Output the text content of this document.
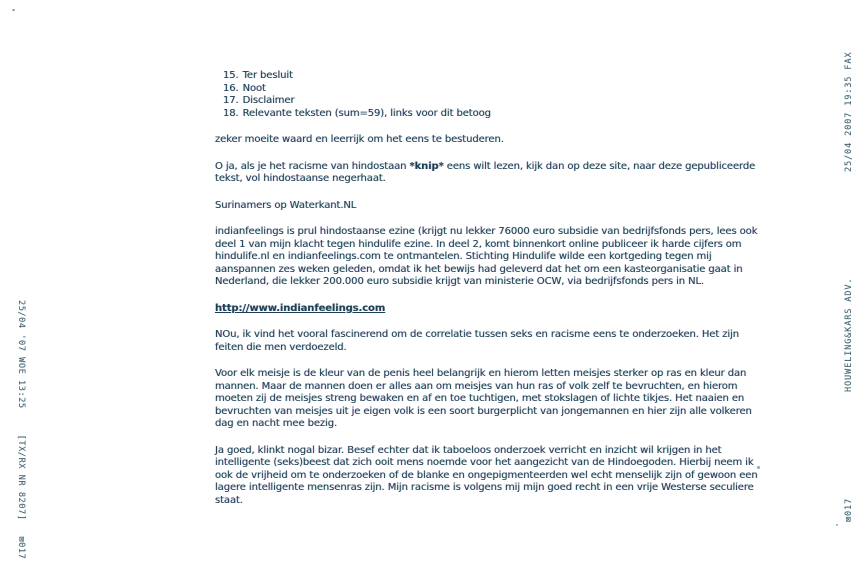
25/04 '07 WOE 13:25[TX/RX NR 8207]⊠017
25/04 2007 19:35 FAX
HOUWELING&KARS ADV.
⊠017
15. Ter besluit
16. Noot
17. Disclaimer
18. Relevante teksten (sum=59), links voor dit betoog
zeker moeite waard en leerrijk om het eens te bestuderen.
O ja, als je het racisme van hindostaan *knip* eens wilt lezen, kijk dan op deze site, naar deze gepubliceerde
tekst, vol hindostaanse negerhaat.
Surinamers op Waterkant.NL
indianfeelings is prul hindostaanse ezine (krijgt nu lekker 76000 euro subsidie van bedrijfsfonds pers, lees ook
deel 1 van mijn klacht tegen hindulife ezine. In deel 2, komt binnenkort online publiceer ik harde cijfers om
hindulife.nl en indianfeelings.com te ontmantelen. Stichting Hindulife wilde een kortgeding tegen mij
aanspannen zes weken geleden, omdat ik het bewijs had geleverd dat het om een kasteorganisatie gaat in
Nederland, die lekker 200.000 euro subsidie krijgt van ministerie OCW, via bedrijfsfonds pers in NL.
http://www.indianfeelings.com
NOu, ik vind het vooral fascinerend om de correlatie tussen seks en racisme eens te onderzoeken. Het zijn
feiten die men verdoezeld.
Voor elk meisje is de kleur van de penis heel belangrijk en hierom letten meisjes sterker op ras en kleur dan
mannen. Maar de mannen doen er alles aan om meisjes van hun ras of volk zelf te bevruchten, en hierom
moeten zij de meisjes streng bewaken en af en toe tuchtigen, met stokslagen of lichte tikjes. Het naaien en
bevruchten van meisjes uit je eigen volk is een soort burgerplicht van jongemannen en hier zijn alle volkeren
dag en nacht mee bezig.
Ja goed, klinkt nogal bizar. Besef echter dat ik taboeloos onderzoek verricht en inzicht wil krijgen in het
intelligente (seks)beest dat zich ooit mens noemde voor het aangezicht van de Hindoegoden. Hierbij neem ik
ook de vrijheid om te onderzoeken of de blanke en ongepigmenteerden wel echt menselijk zijn of gewoon een
lagere intelligente mensenras zijn. Mijn racisme is volgens mij mijn goed recht in een vrije Westerse seculiere
staat.
